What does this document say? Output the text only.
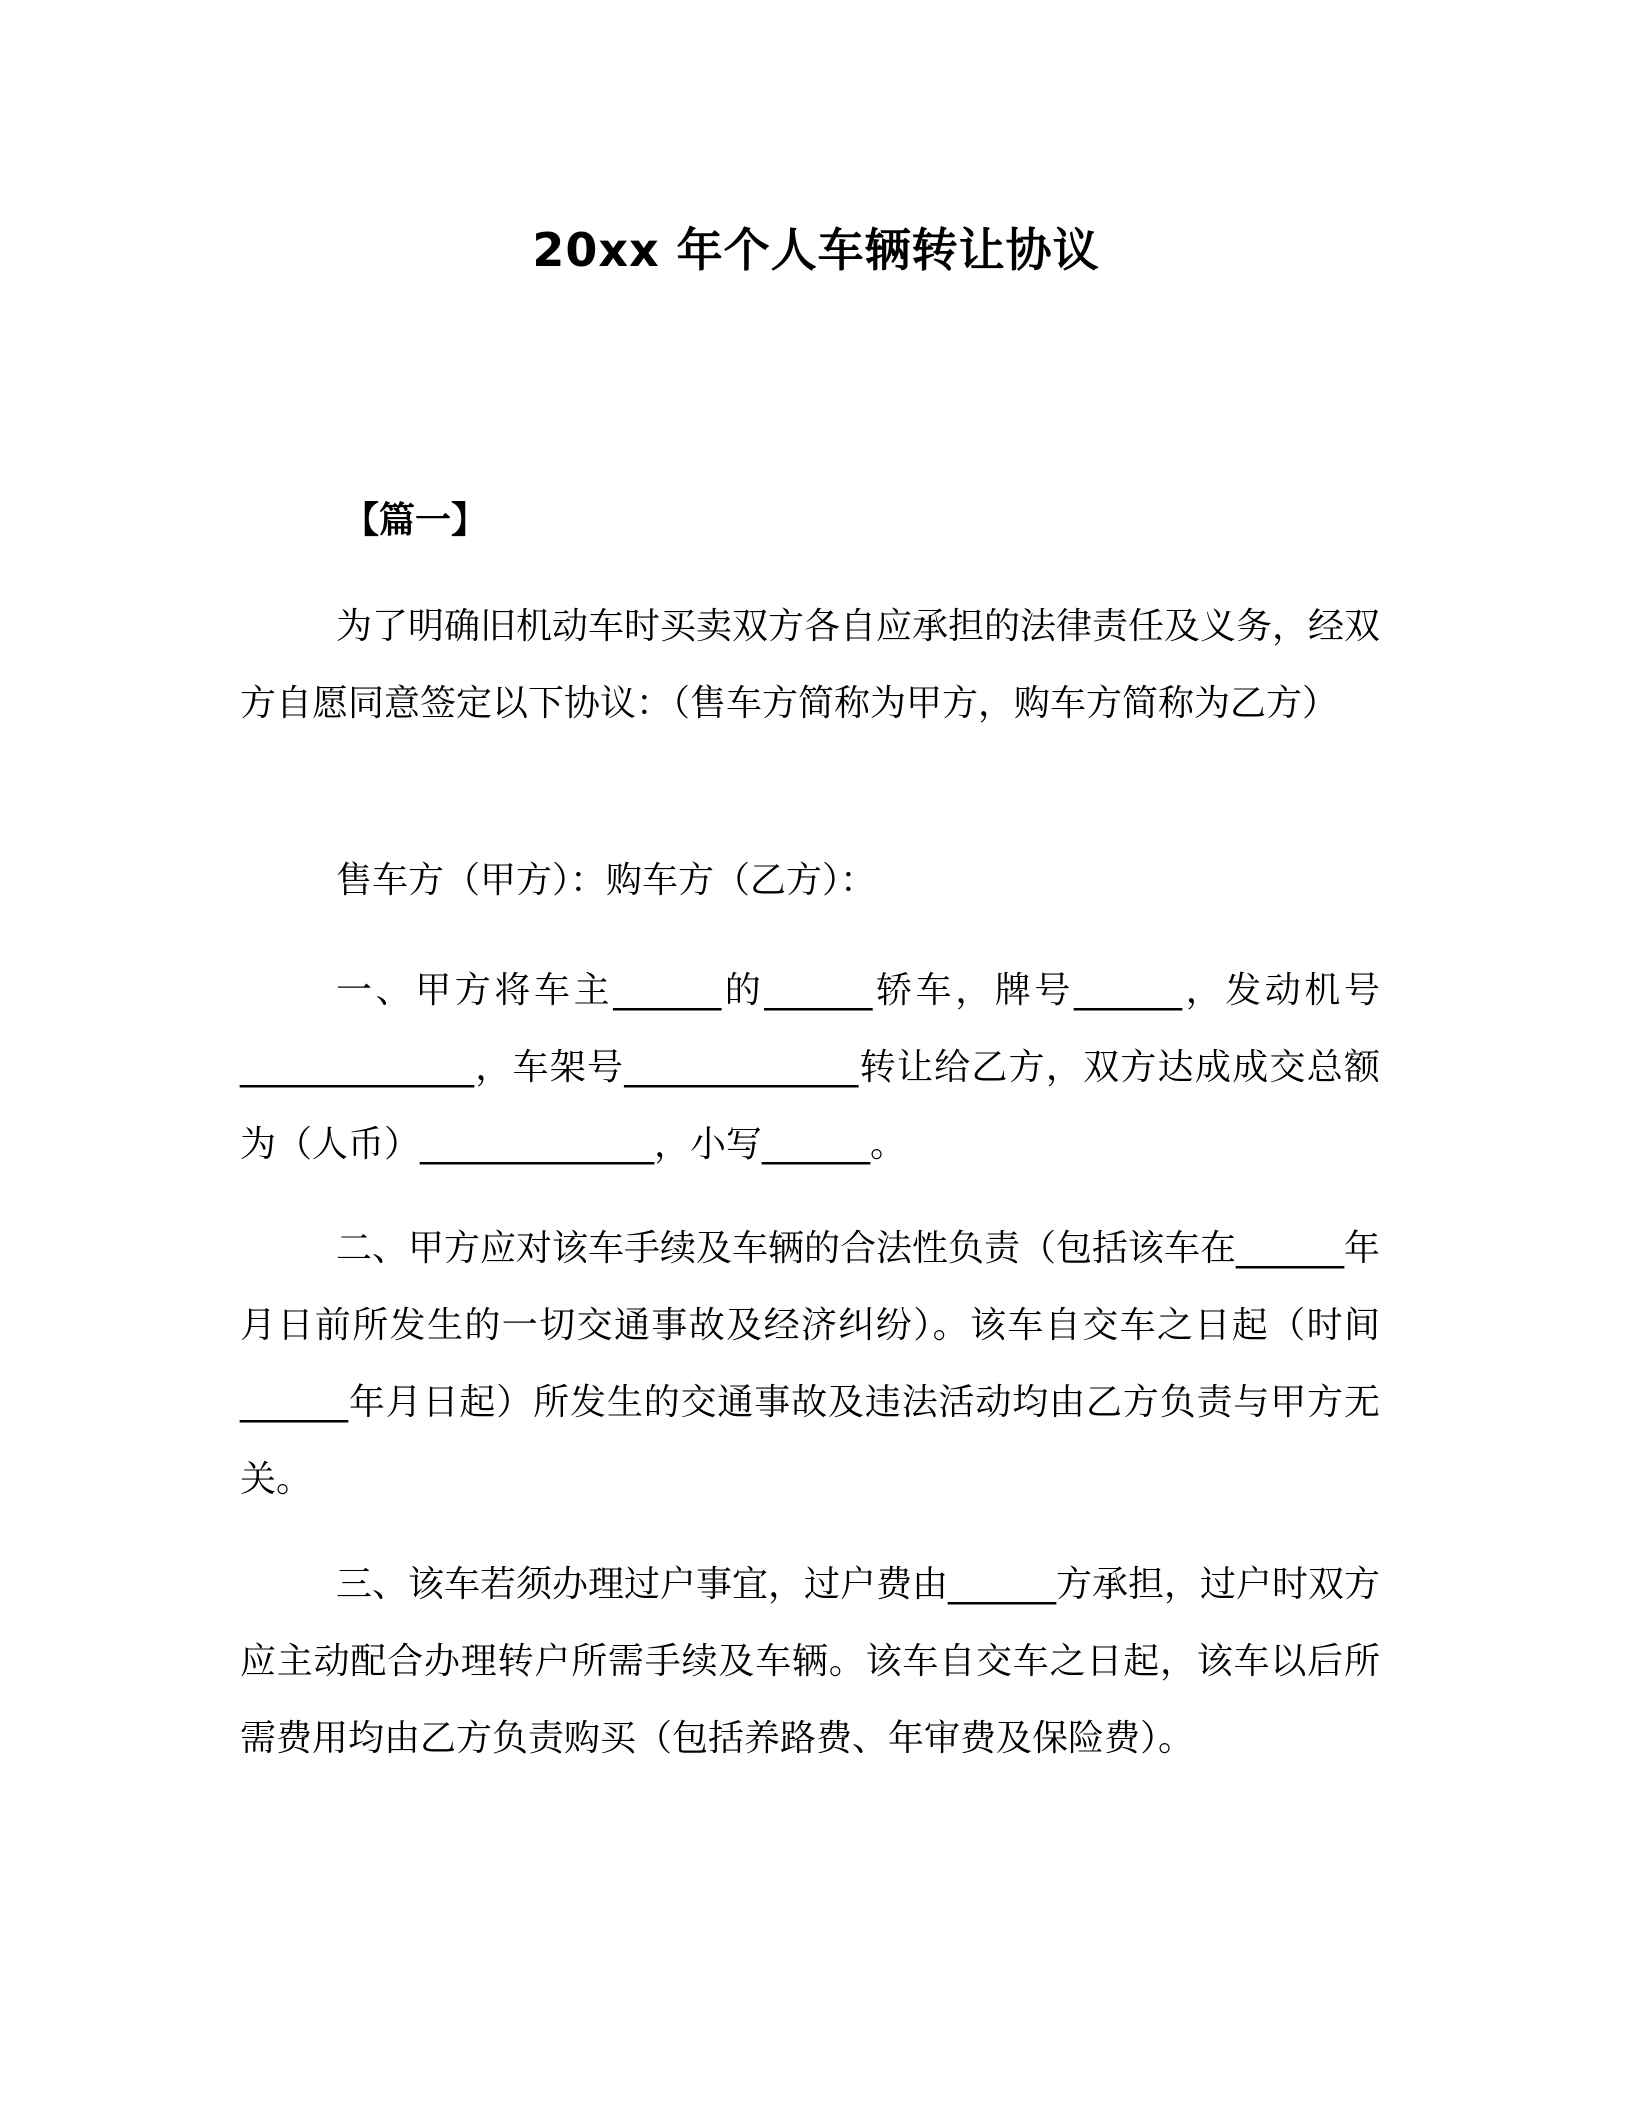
20xx 年个人车辆转让协议
【篇一】

为了明确旧机动车时买卖双方各自应承担的法律责任及义务，经双方自愿同意签定以下协议：（售车方简称为甲方，购车方简称为乙方）

售车方（甲方）：购车方（乙方）：

一、甲方将车主______的______轿车，牌号______，发动机号_____________，车架号_____________转让给乙方，双方达成成交总额为（人币）_____________，小写______。

二、甲方应对该车手续及车辆的合法性负责（包括该车在______年月日前所发生的一切交通事故及经济纠纷）。该车自交车之日起（时间______年月日起）所发生的交通事故及违法活动均由乙方负责与甲方无关。

三、该车若须办理过户事宜，过户费由______方承担，过户时双方应主动配合办理转户所需手续及车辆。该车自交车之日起，该车以后所需费用均由乙方负责购买（包括养路费、年审费及保险费）。
